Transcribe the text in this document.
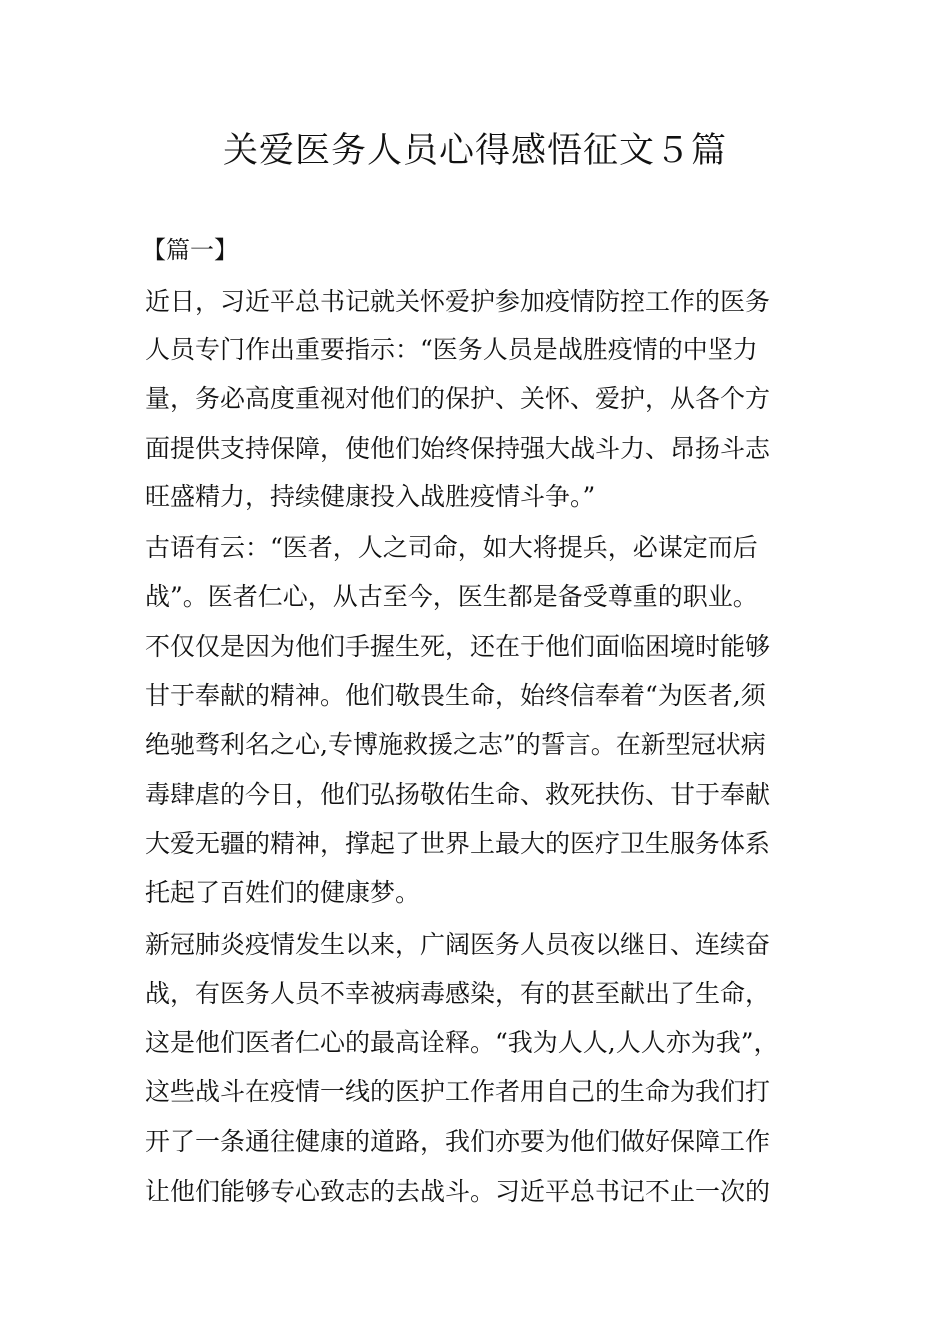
关爱医务人员心得感悟征文５篇

【篇一】

近日，习近平总书记就关怀爱护参加疫情防控工作的医务

人员专门作出重要指示：“医务人员是战胜疫情的中坚力

量，务必高度重视对他们的保护、关怀、爱护，从各个方

面提供支持保障，使他们始终保持强大战斗力、昂扬斗志

旺盛精力，持续健康投入战胜疫情斗争。”

古语有云：“医者，人之司命，如大将提兵，必谋定而后

战”。医者仁心，从古至今，医生都是备受尊重的职业。

不仅仅是因为他们手握生死，还在于他们面临困境时能够

甘于奉献的精神。他们敬畏生命，始终信奉着“为医者,须

绝驰骛利名之心,专博施救援之志”的誓言。在新型冠状病

毒肆虐的今日，他们弘扬敬佑生命、救死扶伤、甘于奉献

大爱无疆的精神，撑起了世界上最大的医疗卫生服务体系

托起了百姓们的健康梦。

新冠肺炎疫情发生以来，广阔医务人员夜以继日、连续奋

战，有医务人员不幸被病毒感染，有的甚至献出了生命，

这是他们医者仁心的最高诠释。“我为人人,人人亦为我”，

这些战斗在疫情一线的医护工作者用自己的生命为我们打

开了一条通往健康的道路，我们亦要为他们做好保障工作

让他们能够专心致志的去战斗。习近平总书记不止一次的
